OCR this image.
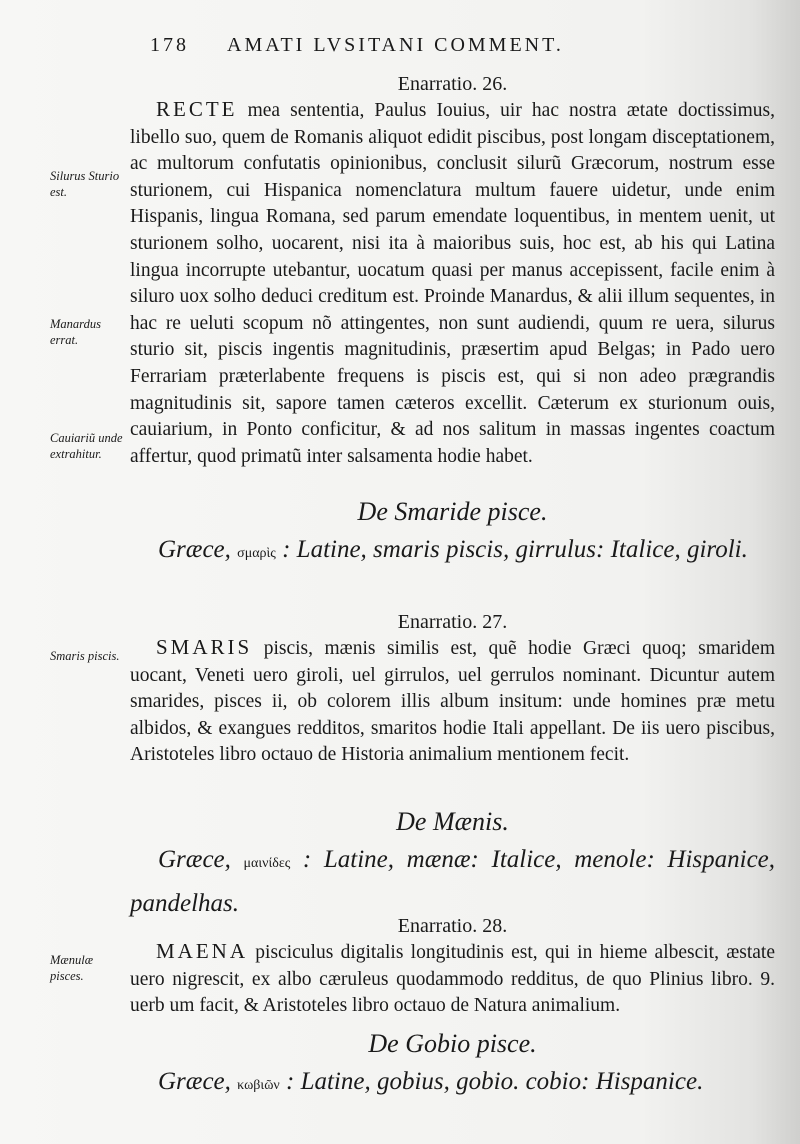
178 AMATI LVSITANI COMMENT.
Enarratio. 26.

RECTE mea sententia, Paulus Iouius, uir hac nostra ætate doctissimus, libello suo, quem de Romanis aliquot edidit piscibus, post longam disceptationem, ac multorum confutatis opinionibus, conclusit silurũ Græcorum, nostrum esse sturionem, cui Hispanica nomenclatura multum fauere uidetur, unde enim Hispanis, lingua Romana, sed parum emendate loquentibus, in mentem uenit, ut sturionem solho, uocarent, nisi ita à maioribus suis, hoc est, ab his qui Latina lingua incorrupte utebantur, uocatum quasi per manus accepissent, facile enim à siluro uox solho deduci creditum est. Proinde Manardus, & alii illum sequentes, in hac re ueluti scopum nõ attingentes, non sunt audiendi, quum re uera, silurus sturio sit, piscis ingentis magnitudinis, præsertim apud Belgas; in Pado uero Ferrariam præterlabente frequens is piscis est, qui si non adeo prægrandis magnitudinis sit, sapore tamen cæteros excellit. Cæterum ex sturionum ouis, cauiarium, in Ponto conficitur, & ad nos salitum in massas ingentes coactum affertur, quod primatũ inter salsamenta hodie habet.

De Smaride pisce.

Græce, σμαρὶς : Latine, smaris piscis, girrulus: Italice, giroli.

Enarratio. 27.

SMARIS piscis, mænis similis est, quẽ hodie Græci quoq; smaridem uocant, Veneti uero giroli, uel girrulos, uel gerrulos nominant. Dicuntur autem smarides, pisces ii, ob colorem illis album insitum: unde homines præ metu albidos, & exangues redditos, smaritos hodie Itali appellant. De iis uero piscibus, Aristoteles libro octauo de Historia animalium mentionem fecit.

De Mænis.

Græce, μαινίδες : Latine, mænæ: Italice, menole: Hispanice, pandelhas.

Enarratio. 28.

MAENA pisciculus digitalis longitudinis est, qui in hieme albescit, æstate uero nigrescit, ex albo cæruleus quodammodo redditus, de quo Plinius libro. 9. uerb um facit, & Aristoteles libro octauo de Natura animalium.

De Gobio pisce.

Græce, κωβιῶν : Latine, gobius, gobio. cobio: Hispanice.

Silurus Sturio est.
Manardus errat.
Cauiariũ unde extrahitur.
Smaris piscis.
Mænulæ pisces.
